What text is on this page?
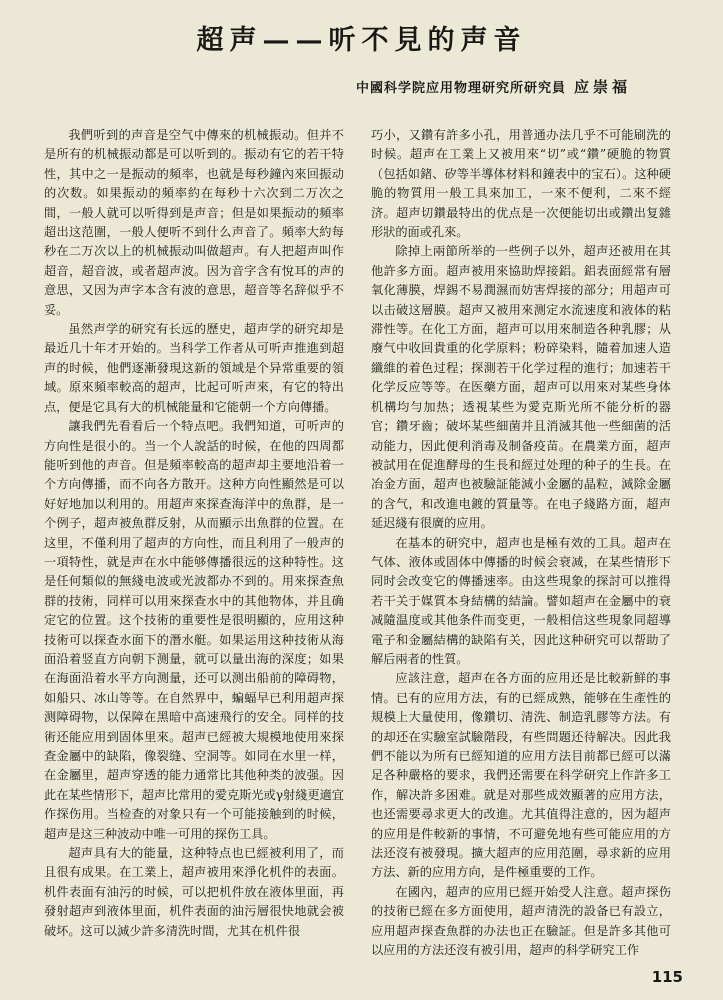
超声——听不見的声音
中國科学院应用物理研究所研究員 应崇福

我們听到的声音是空气中傳來的机械振动。但并不是所有的机械振动都是可以听到的。振动有它的若干特性，其中之一是振动的頻率，也就是每秒鐘內來回振动的次数。如果振动的頻率約在每秒十六次到二万次之間，一般人就可以听得到是声音；但是如果振动的頻率超出这范圍，一般人便听不到什么声音了。頻率大約每秒在二万次以上的机械振动叫做超声。有人把超声叫作超音，超音波，或者超声波。因为音字含有悅耳的声的意思，又因为声字本含有波的意思，超音等名辞似乎不妥。

虽然声学的研究有长远的歷史，超声学的研究却是最近几十年才开始的。当科学工作者从可听声推進到超声的时候，他們逐漸發現这新的領域是个异常重要的領域。原來頻率較高的超声，比起可听声來，有它的特出点，便是它具有大的机械能量和它能朝一个方向傳播。

讓我們先看看后一个特点吧。我們知道，可听声的方向性是很小的。当一个人說話的时候，在他的四周都能听到他的声音。但是頻率較高的超声却主要地沿着一个方向傳播，而不向各方散开。这种方向性顯然是可以好好地加以利用的。用超声來探查海洋中的魚群，是一个例子，超声被魚群反射，从而顯示出魚群的位置。在这里，不僅利用了超声的方向性，而且利用了一般声的一項特性，就是声在水中能够傳播很远的这种特性。这是任何類似的無綫电波或光波都办不到的。用來探查魚群的技術，同样可以用來探查水中的其他物体，并且确定它的位置。这个技術的重要性是很明顯的，应用这种技術可以探查水面下的潛水艇。如果运用这种技術从海面沿着竖直方向朝下测量，就可以量出海的深度；如果在海面沿着水平方向测量，还可以测出船前的障碍物，如船只、冰山等等。在自然界中，蝙蝠早已利用超声探测障碍物，以保障在黑暗中高速飛行的安全。同样的技術还能应用到固体里來。超声已經被大規模地使用來探查金屬中的缺陷，像裂缝、空洞等。如同在水里一样，在金屬里，超声穿透的能力通常比其他种类的波强。因此在某些情形下，超声比常用的愛克斯光或γ射綫更適宜作探伤用。当检查的对象只有一个可能接触到的时候，超声是这三种波动中唯一可用的探伤工具。

超声具有大的能量，这种特点也已經被利用了，而且很有成果。在工業上，超声被用來淨化机件的表面。机件表面有油污的时候，可以把机件放在液体里面，再發射超声到液体里面，机件表面的油污層很快地就会被破坏。这可以減少許多清洗时間，尤其在机件很

巧小，又鑽有許多小孔，用普通办法几乎不可能刷洗的时候。超声在工業上又被用來“切”或“鑽”硬脆的物質（包括如鍺、矽等半導体材料和鐘表中的宝石）。这种硬脆的物質用一般工具來加工，一來不便利，二來不經济。超声切鑽最特出的优点是一次便能切出或鑽出复雜形狀的面或孔來。

除掉上兩節所举的一些例子以外，超声还被用在其他許多方面。超声被用來協助焊接鋁。鋁表面經常有層氧化薄膜，焊錫不易潤濕而妨害焊接的部分；用超声可以击破这層膜。超声又被用來测定水流速度和液体的粘滞性等。在化工方面，超声可以用來制造各种乳膠；从廢气中收回貴重的化学原料；粉碎染料，隨着加速人造纖維的着色过程；探測若干化学过程的進行；加速若干化学反应等等。在医藥方面，超声可以用來对某些身体机構均勻加热；透視某些为愛克斯光所不能分析的器官；鑽牙齒；破坏某些細菌并且消滅其他一些細菌的活动能力，因此便利消毒及制备疫苗。在農業方面，超声被試用在促進酵母的生長和經过处理的种子的生長。在冶金方面，超声也被驗証能減小金屬的晶粒，減除金屬的含气，和改進电鍍的質量等。在电子綫路方面，超声延迟綫有很廣的应用。

在基本的研究中，超声也是極有效的工具。超声在气体、液体或固体中傳播的时候会衰减，在某些情形下同时会改变它的傳播速率。由这些現象的探討可以推得若干关于媒質本身結構的結論。譬如超声在金屬中的衰减隨温度或其他条件而变更，一般相信这些現象同超導電子和金屬結構的缺陷有关，因此这种研究可以帮助了解后兩者的性質。

应該注意，超声在各方面的应用还是比較新鮮的事情。已有的应用方法，有的已經成熟，能够在生產性的規模上大量使用，像鑽切、清洗、制造乳膠等方法。有的却还在实驗室試驗階段，有些問題还待解决。因此我們不能以为所有已經知道的应用方法目前都已經可以滿足各种嚴格的要求，我們还需要在科学研究上作許多工作，解决許多困难。就是对那些成效顯著的应用方法，也还需要尋求更大的改進。尤其值得注意的，因为超声的应用是件較新的事情，不可避免地有些可能应用的方法还沒有被發現。擴大超声的应用范圍，尋求新的应用方法、新的应用方向，是件極重要的工作。

在國內，超声的应用已經开始受人注意。超声探伤的技術已經在多方面使用，超声清洗的設备已有設立，应用超声探查魚群的办法也正在驗証。但是許多其他可以应用的方法还沒有被引用，超声的科学研究工作

115
